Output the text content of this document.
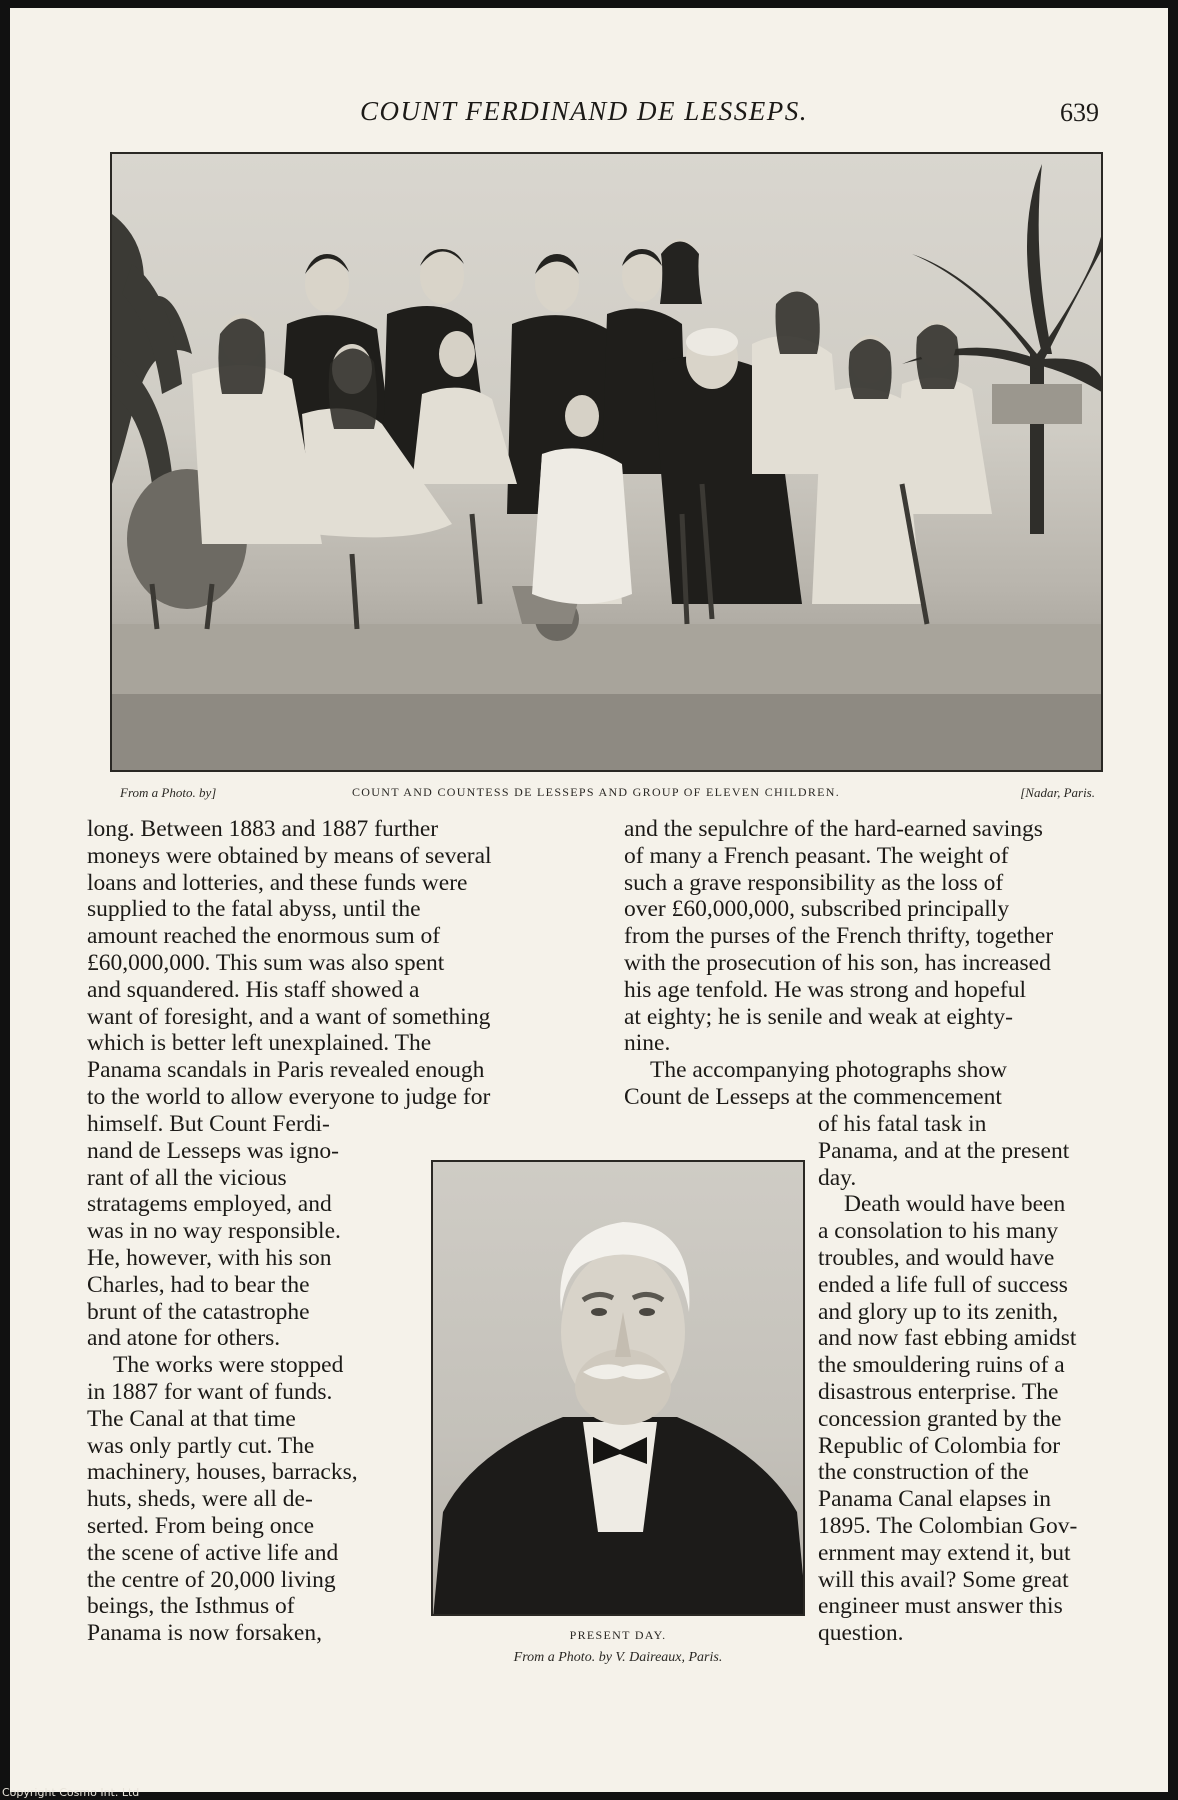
COUNT FERDINAND DE LESSEPS.	639
From a Photo. by]	COUNT AND COUNTESS DE LESSEPS AND GROUP OF ELEVEN CHILDREN.	[Nadar, Paris.

long. Between 1883 and 1887 further

moneys were obtained by means of several

loans and lotteries, and these funds were

supplied to the fatal abyss, until the

amount reached the enormous sum of

£60,000,000. This sum was also spent

and squandered. His staff showed a

want of foresight, and a want of something

which is better left unexplained. The

Panama scandals in Paris revealed enough

to the world to allow everyone to judge for

himself. But Count Ferdi-

nand de Lesseps was igno-

rant of all the vicious

stratagems employed, and

was in no way responsible.

He, however, with his son

Charles, had to bear the

brunt of the catastrophe

and atone for others.

The works were stopped

in 1887 for want of funds.

The Canal at that time

was only partly cut. The

machinery, houses, barracks,

huts, sheds, were all de-

serted. From being once

the scene of active life and

the centre of 20,000 living

beings, the Isthmus of

Panama is now forsaken,

and the sepulchre of the hard-earned savings

of many a French peasant. The weight of

such a grave responsibility as the loss of

over £60,000,000, subscribed principally

from the purses of the French thrifty, together

with the prosecution of his son, has increased

his age tenfold. He was strong and hopeful

at eighty; he is senile and weak at eighty-

nine.

The accompanying photographs show

Count de Lesseps at the commencement

of his fatal task in

Panama, and at the present

day.

Death would have been

a consolation to his many

troubles, and would have

ended a life full of success

and glory up to its zenith,

and now fast ebbing amidst

the smouldering ruins of a

disastrous enterprise. The

concession granted by the

Republic of Colombia for

the construction of the

Panama Canal elapses in

1895. The Colombian Gov-

ernment may extend it, but

will this avail? Some great

engineer must answer this

question.

PRESENT DAY.
From a Photo. by V. Daireaux, Paris.
Copyright Cosmo Int. Ltd
